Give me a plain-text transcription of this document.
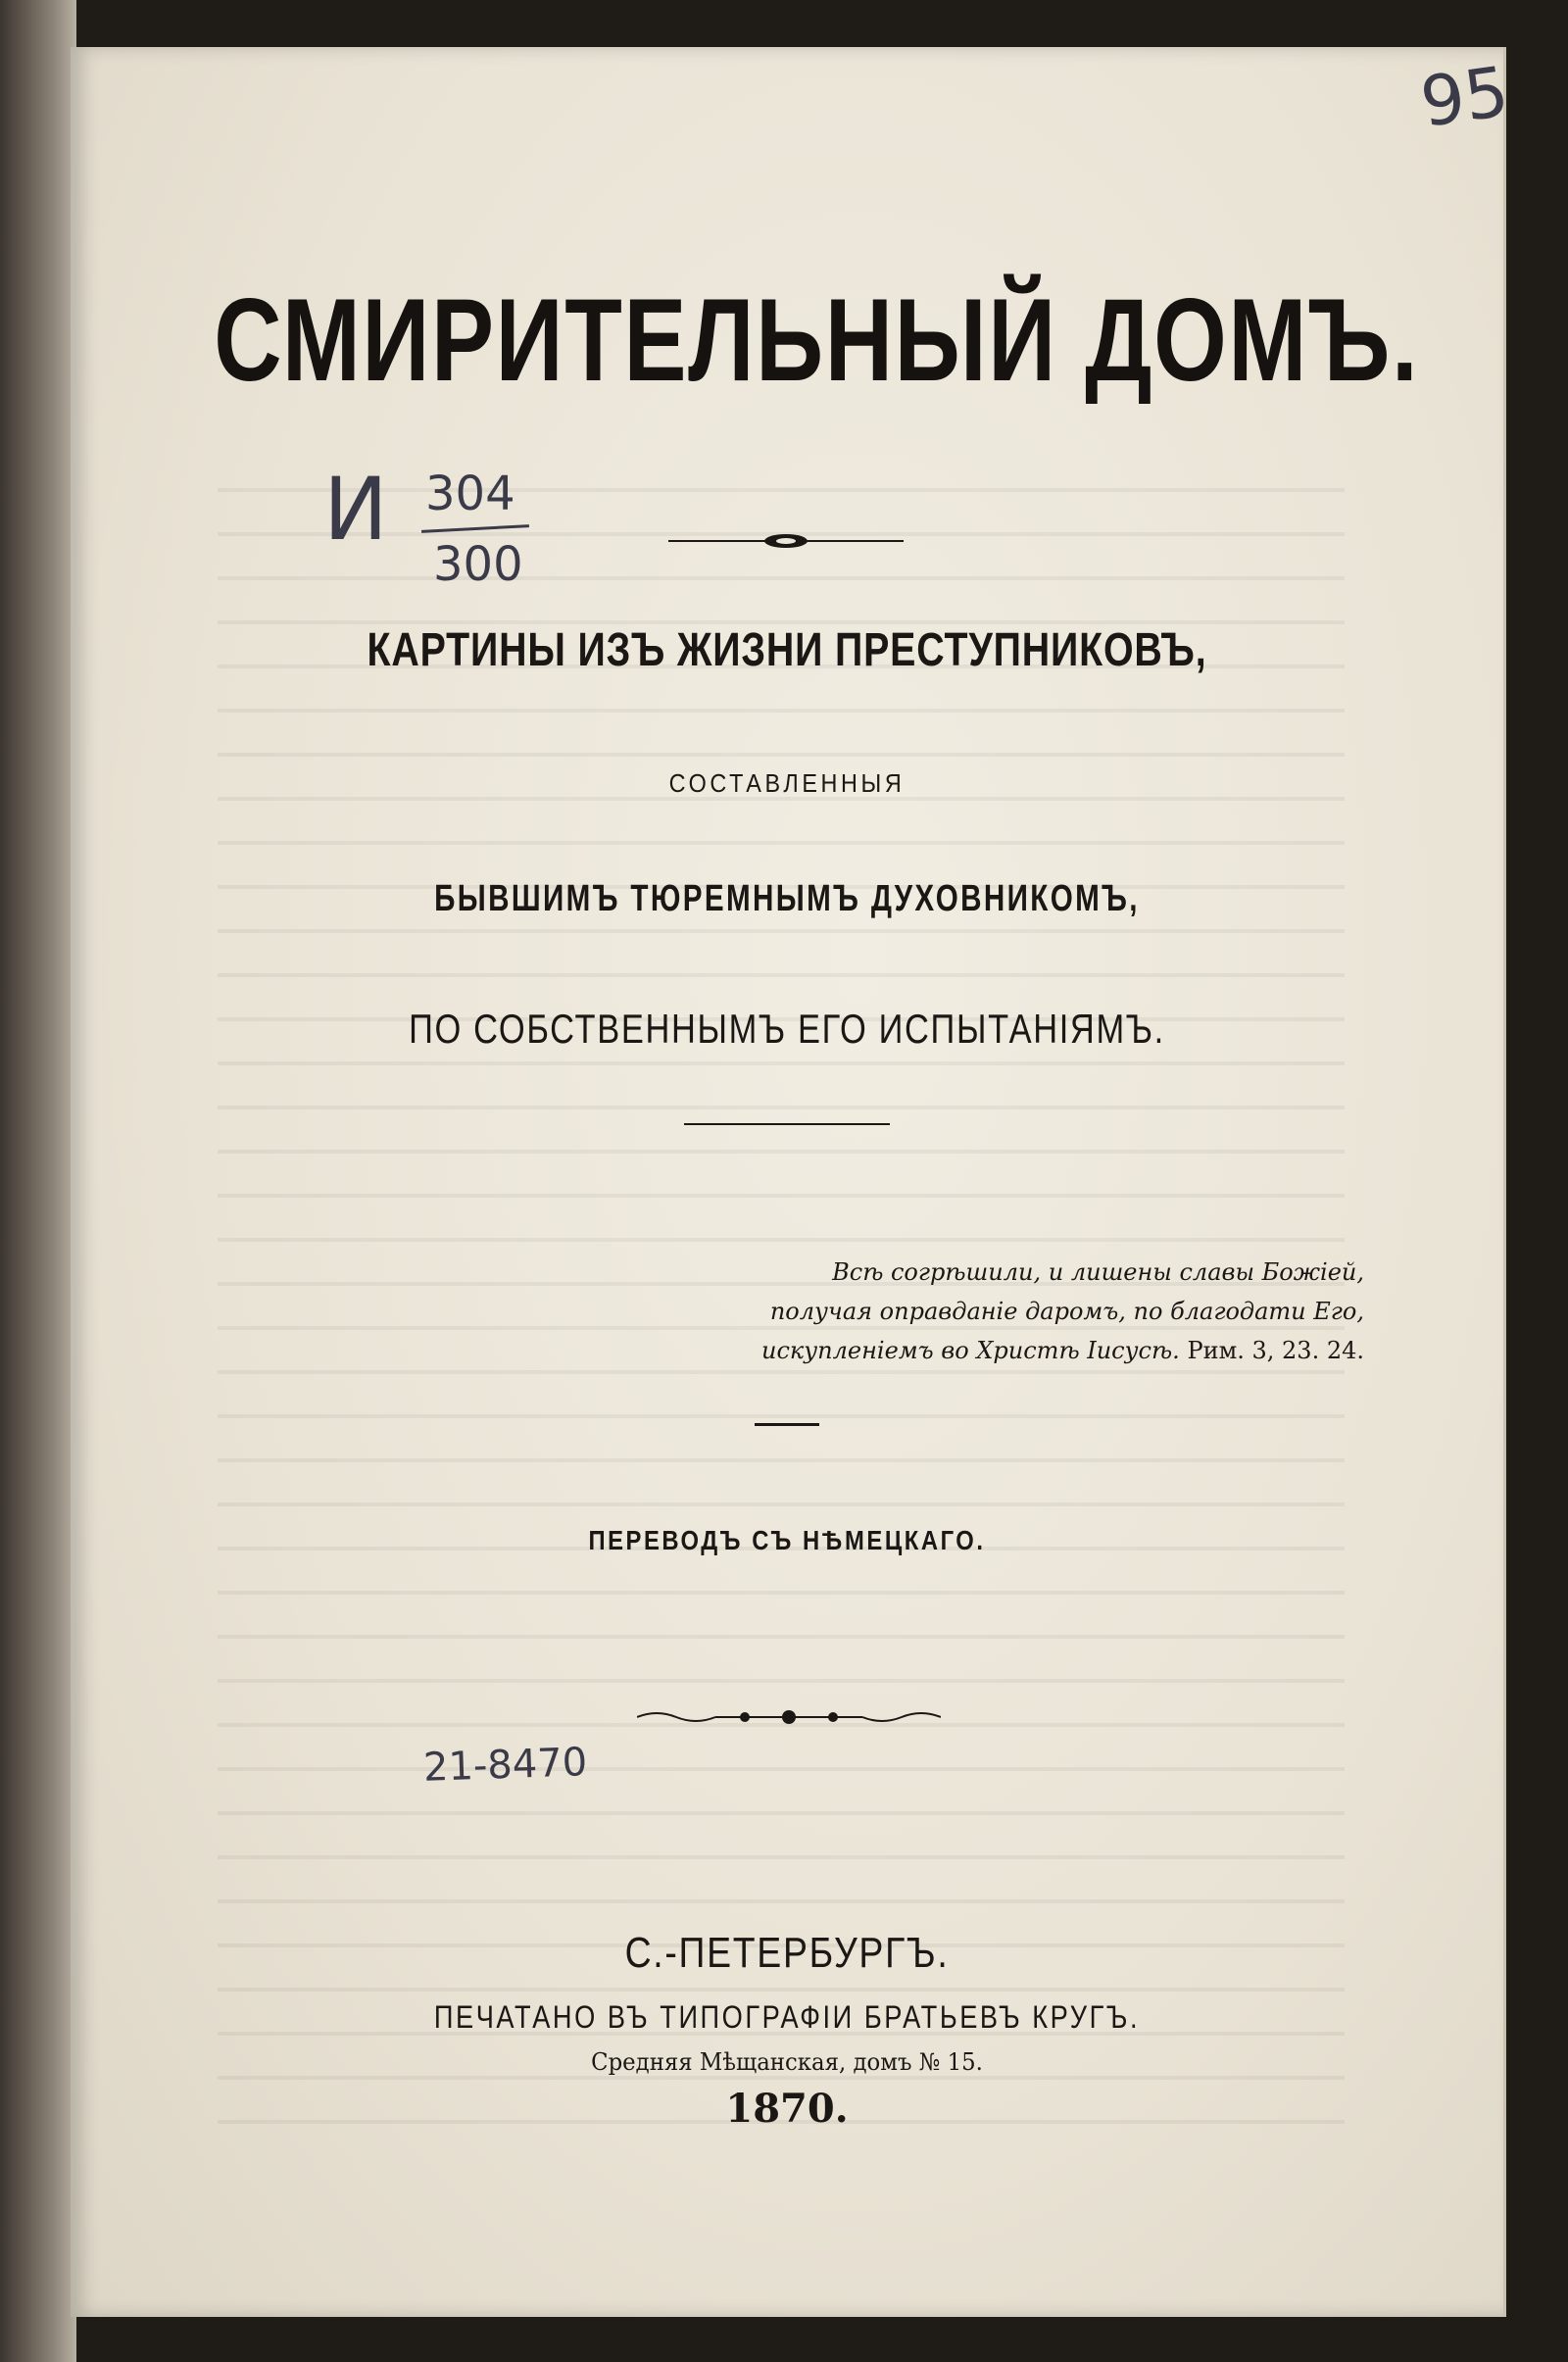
95
СМИРИТЕЛЬНЫЙ ДОМЪ.
И 304
300
КАРТИНЫ ИЗЪ ЖИЗНИ ПРЕСТУПНИКОВЪ,
СОСТАВЛЕННЫЯ
БЫВШИМЪ ТЮРЕМНЫМЪ ДУХОВНИКОМЪ,
ПО СОБСТВЕННЫМЪ ЕГО ИСПЫТАНІЯМЪ.
Всѣ согрѣшили, и лишены славы Божіей,
получая оправданіе даромъ, по благодати Его,
искупленіемъ во Христѣ Іисусѣ. Рим. 3, 23. 24.
ПЕРЕВОДЪ СЪ НѢМЕЦКАГО.
21-8470
С.-ПЕТЕРБУРГЪ.
ПЕЧАТАНО ВЪ ТИПОГРАФІИ БРАТЬЕВЪ КРУГЪ.
Средняя Мѣщанская, домъ № 15.
1870.
